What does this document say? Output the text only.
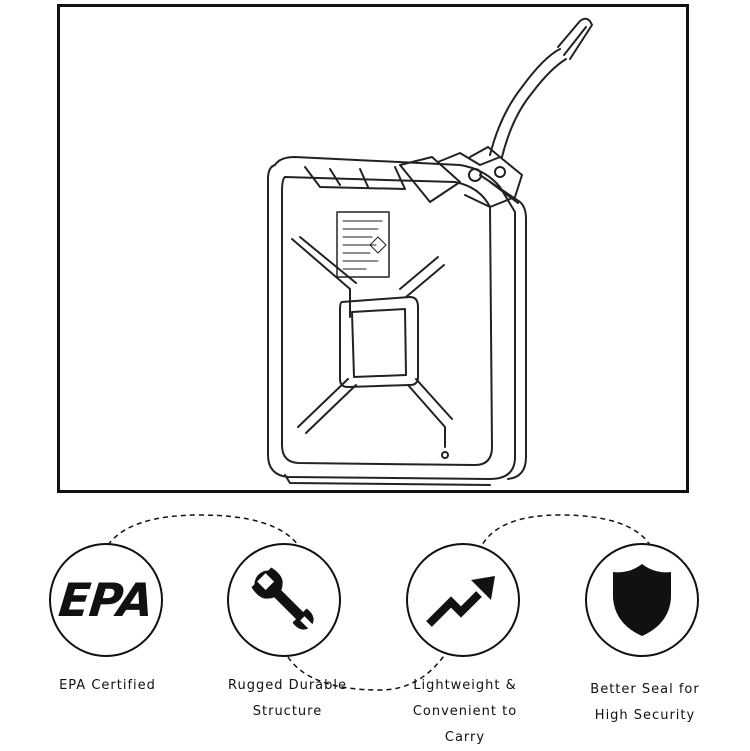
EPA
EPA Certified	Rugged Durable
Structure
Lightweight &
Convenient to
Carry
Better Seal for
High Security
